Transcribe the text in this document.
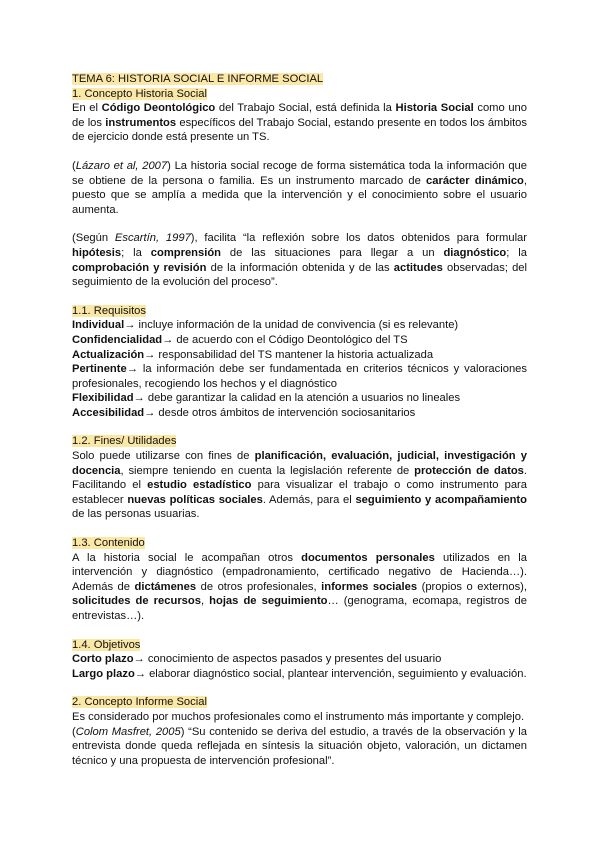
TEMA 6: HISTORIA SOCIAL E INFORME SOCIAL

1. Concepto Historia Social

En el Código Deontológico del Trabajo Social, está definida la Historia Social como uno de los instrumentos específicos del Trabajo Social, estando presente en todos los ámbitos de ejercicio donde está presente un TS.

(Lázaro et al, 2007) La historia social recoge de forma sistemática toda la información que se obtiene de la persona o familia. Es un instrumento marcado de carácter dinámico, puesto que se amplía a medida que la intervención y el conocimiento sobre el usuario aumenta.

(Según Escartín, 1997), facilita “la reflexión sobre los datos obtenidos para formular hipótesis; la comprensión de las situaciones para llegar a un diagnóstico; la comprobación y revisión de la información obtenida y de las actitudes observadas; del seguimiento de la evolución del proceso”.

1.1. Requisitos

Individual→ incluye información de la unidad de convivencia (si es relevante)

Confidencialidad→ de acuerdo con el Código Deontológico del TS

Actualización→ responsabilidad del TS mantener la historia actualizada

Pertinente→ la información debe ser fundamentada en criterios técnicos y valoraciones profesionales, recogiendo los hechos y el diagnóstico

Flexibilidad→ debe garantizar la calidad en la atención a usuarios no lineales

Accesibilidad→ desde otros ámbitos de intervención sociosanitarios

1.2. Fines/ Utilidades

Solo puede utilizarse con fines de planificación, evaluación, judicial, investigación y docencia, siempre teniendo en cuenta la legislación referente de protección de datos. Facilitando el estudio estadístico para visualizar el trabajo o como instrumento para establecer nuevas políticas sociales. Además, para el seguimiento y acompañamiento de las personas usuarias.

1.3. Contenido

A la historia social le acompañan otros documentos personales utilizados en la intervención y diagnóstico (empadronamiento, certificado negativo de Hacienda…). Además de dictámenes de otros profesionales, informes sociales (propios o externos), solicitudes de recursos, hojas de seguimiento… (genograma, ecomapa, registros de entrevistas…).

1.4. Objetivos

Corto plazo→ conocimiento de aspectos pasados y presentes del usuario

Largo plazo→ elaborar diagnóstico social, plantear intervención, seguimiento y evaluación.

2. Concepto Informe Social

Es considerado por muchos profesionales como el instrumento más importante y complejo.

(Colom Masfret, 2005) “Su contenido se deriva del estudio, a través de la observación y la entrevista donde queda reflejada en síntesis la situación objeto, valoración, un dictamen técnico y una propuesta de intervención profesional”.
